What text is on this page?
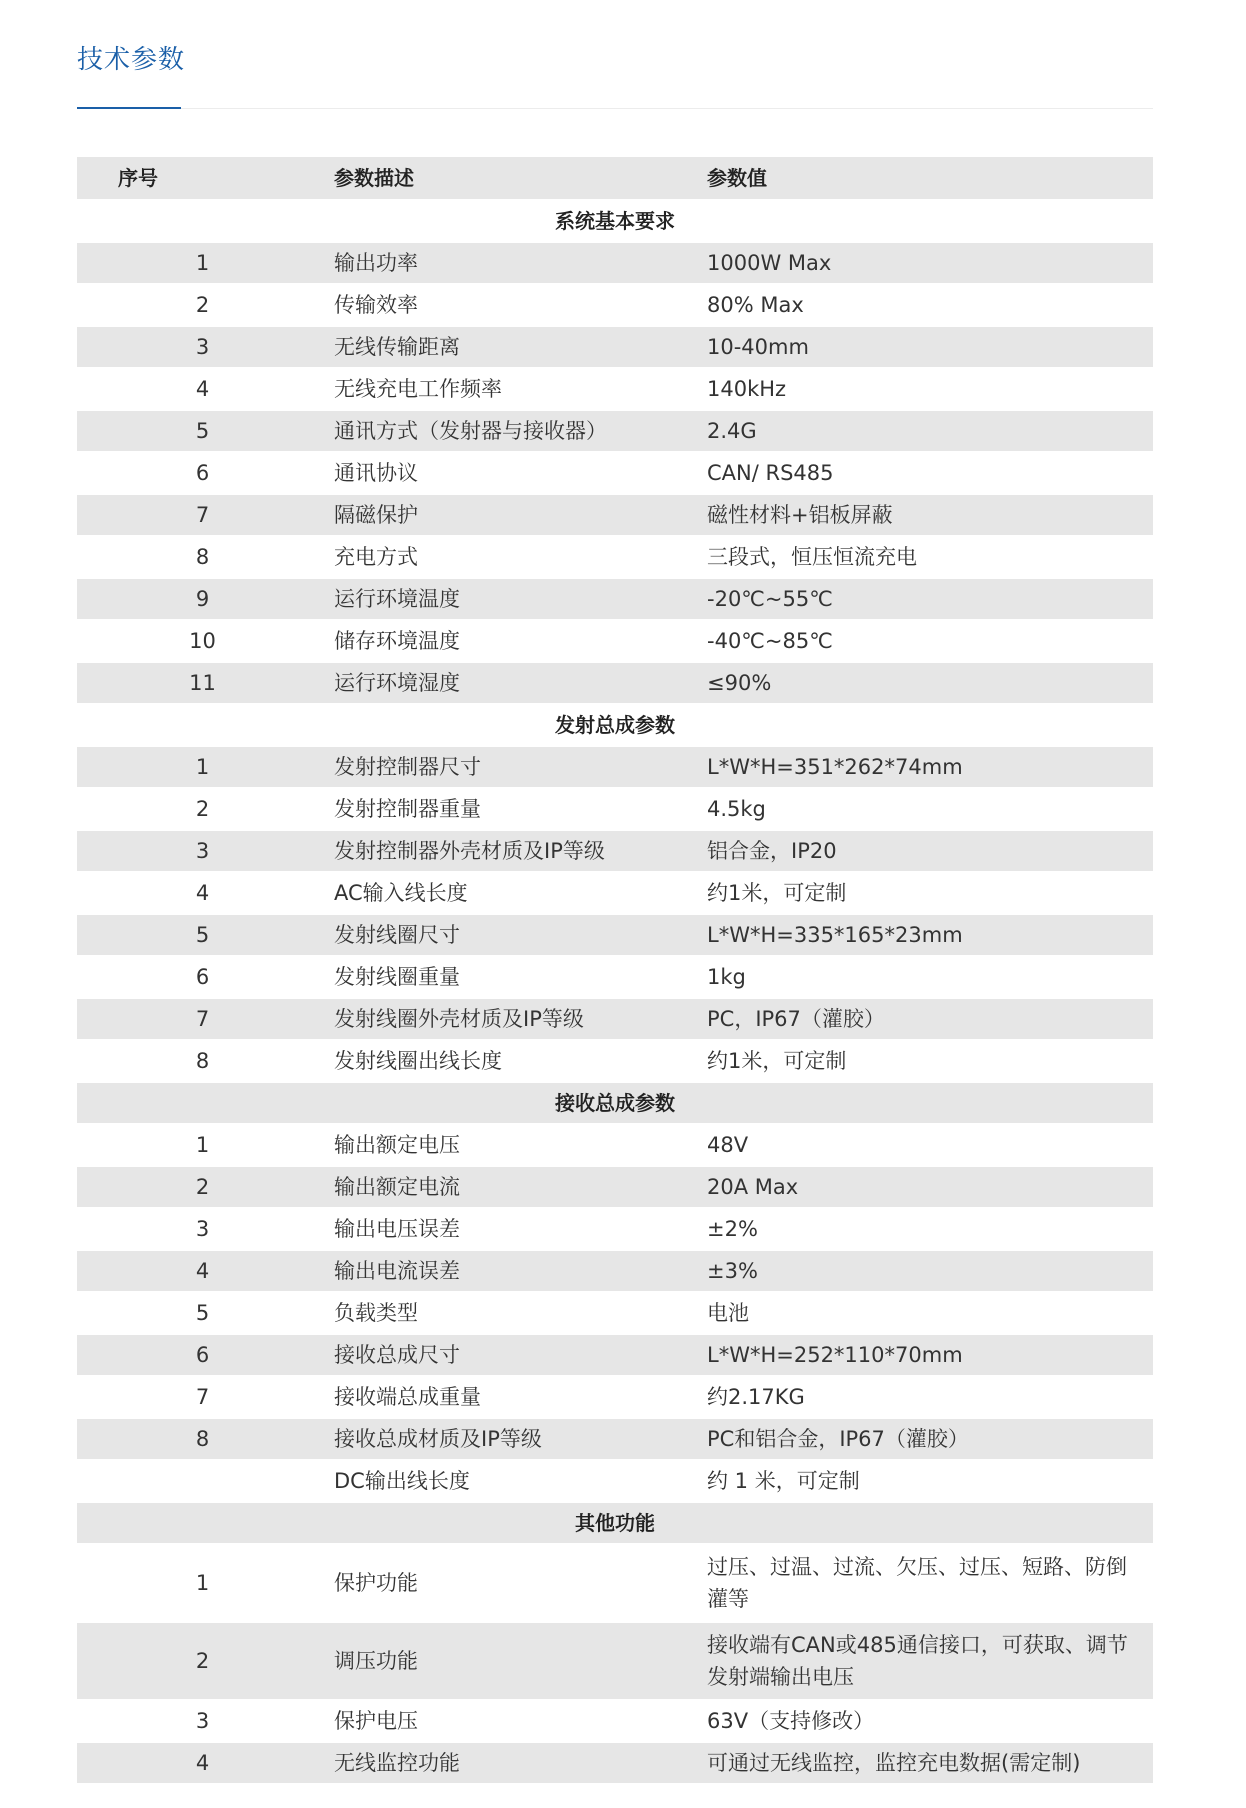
技术参数
序号	参数描述	参数值
系统基本要求		
1	输出功率	1000W Max
2	传输效率	80% Max
3	无线传输距离	10-40mm
4	无线充电工作频率	140kHz
5	通讯方式（发射器与接收器）	2.4G
6	通讯协议	CAN/ RS485
7	隔磁保护	磁性材料+铝板屏蔽
8	充电方式	三段式，恒压恒流充电
9	运行环境温度	-20℃~55℃
10	储存环境温度	-40℃~85℃
11	运行环境湿度	≤90%
发射总成参数		
1	发射控制器尺寸	L*W*H=351*262*74mm
2	发射控制器重量	4.5kg
3	发射控制器外壳材质及IP等级	铝合金，IP20
4	AC输入线长度	约1米，可定制
5	发射线圈尺寸	L*W*H=335*165*23mm
6	发射线圈重量	1kg
7	发射线圈外壳材质及IP等级	PC，IP67（灌胶）
8	发射线圈出线长度	约1米，可定制
接收总成参数		
1	输出额定电压	48V
2	输出额定电流	20A Max
3	输出电压误差	±2%
4	输出电流误差	±3%
5	负载类型	电池
6	接收总成尺寸	L*W*H=252*110*70mm
7	接收端总成重量	约2.17KG
8	接收总成材质及IP等级	PC和铝合金，IP67（灌胶）
	DC输出线长度	约 1 米，可定制
其他功能		
1	保护功能	过压、过温、过流、欠压、过压、短路、防倒灌等
2	调压功能	接收端有CAN或485通信接口，可获取、调节发射端输出电压
3	保护电压	63V（支持修改）
4	无线监控功能	可通过无线监控，监控充电数据(需定制)
